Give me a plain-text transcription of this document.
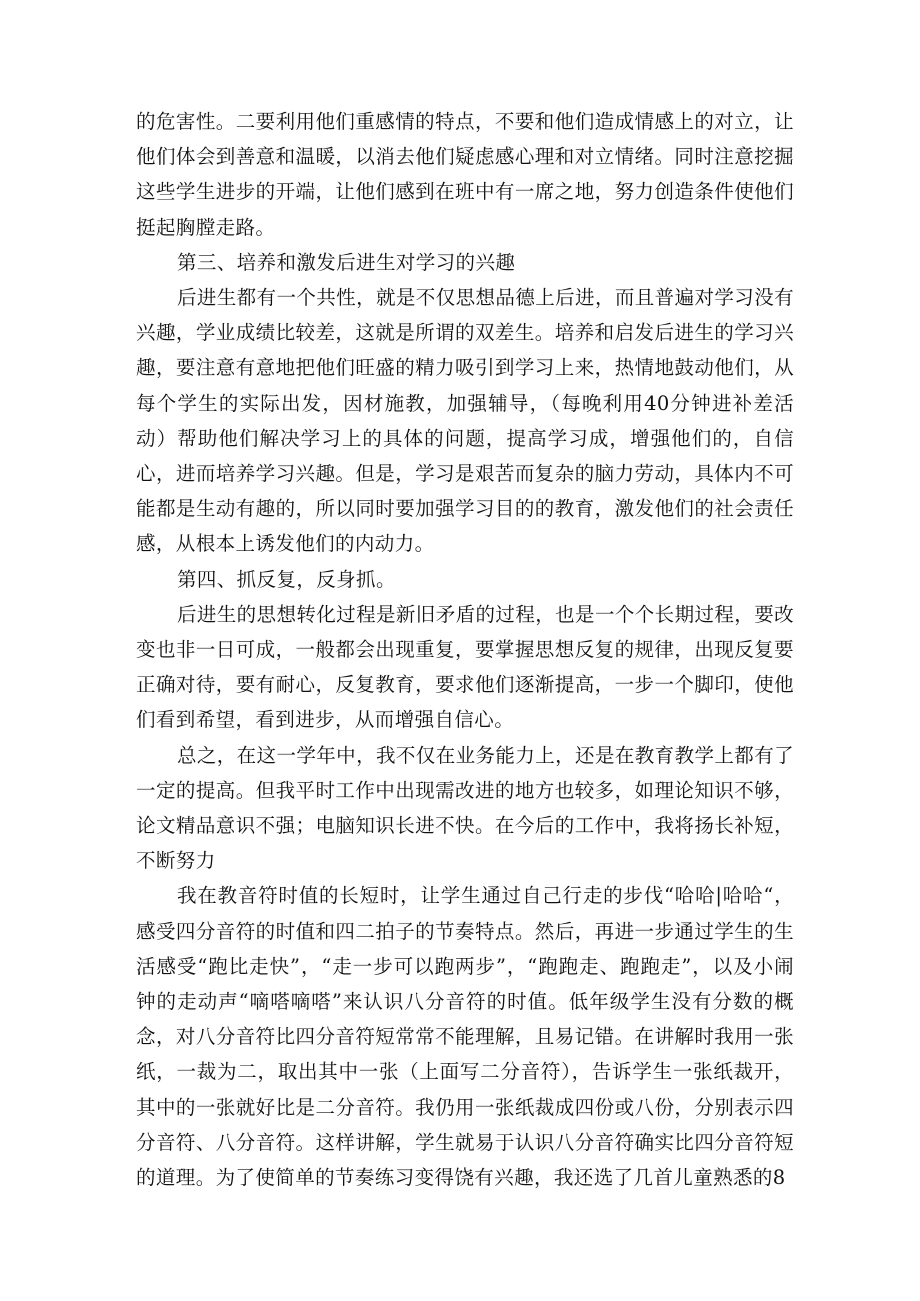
的危害性。二要利用他们重感情的特点，不要和他们造成情感上的对立，让他们体会到善意和温暖，以消去他们疑虑感心理和对立情绪。同时注意挖掘这些学生进步的开端，让他们感到在班中有一席之地，努力创造条件使他们挺起胸膛走路。

第三、培养和激发后进生对学习的兴趣

后进生都有一个共性，就是不仅思想品德上后进，而且普遍对学习没有兴趣，学业成绩比较差，这就是所谓的双差生。培养和启发后进生的学习兴趣，要注意有意地把他们旺盛的精力吸引到学习上来，热情地鼓动他们，从每个学生的实际出发，因材施教，加强辅导，（每晚利用40分钟进补差活动）帮助他们解决学习上的具体的问题，提高学习成，增强他们的，自信心，进而培养学习兴趣。但是，学习是艰苦而复杂的脑力劳动，具体内不可能都是生动有趣的，所以同时要加强学习目的的教育，激发他们的社会责任感，从根本上诱发他们的内动力。

第四、抓反复，反身抓。

后进生的思想转化过程是新旧矛盾的过程，也是一个个长期过程，要改变也非一日可成，一般都会出现重复，要掌握思想反复的规律，出现反复要正确对待，要有耐心，反复教育，要求他们逐渐提高，一步一个脚印，使他们看到希望，看到进步，从而增强自信心。

总之，在这一学年中，我不仅在业务能力上，还是在教育教学上都有了一定的提高。但我平时工作中出现需改进的地方也较多，如理论知识不够，论文精品意识不强；电脑知识长进不快。在今后的工作中，我将扬长补短，不断努力

我在教音符时值的长短时，让学生通过自己行走的步伐“哈哈|哈哈“，感受四分音符的时值和四二拍子的节奏特点。然后，再进一步通过学生的生活感受“跑比走快”，“走一步可以跑两步”，“跑跑走、跑跑走”，以及小闹钟的走动声“嘀嗒嘀嗒”来认识八分音符的时值。低年级学生没有分数的概念，对八分音符比四分音符短常常不能理解，且易记错。在讲解时我用一张纸，一裁为二，取出其中一张（上面写二分音符），告诉学生一张纸裁开，其中的一张就好比是二分音符。我仍用一张纸裁成四份或八份，分别表示四分音符、八分音符。这样讲解，学生就易于认识八分音符确实比四分音符短的道理。为了使简单的节奏练习变得饶有兴趣，我还选了几首儿童熟悉的8
